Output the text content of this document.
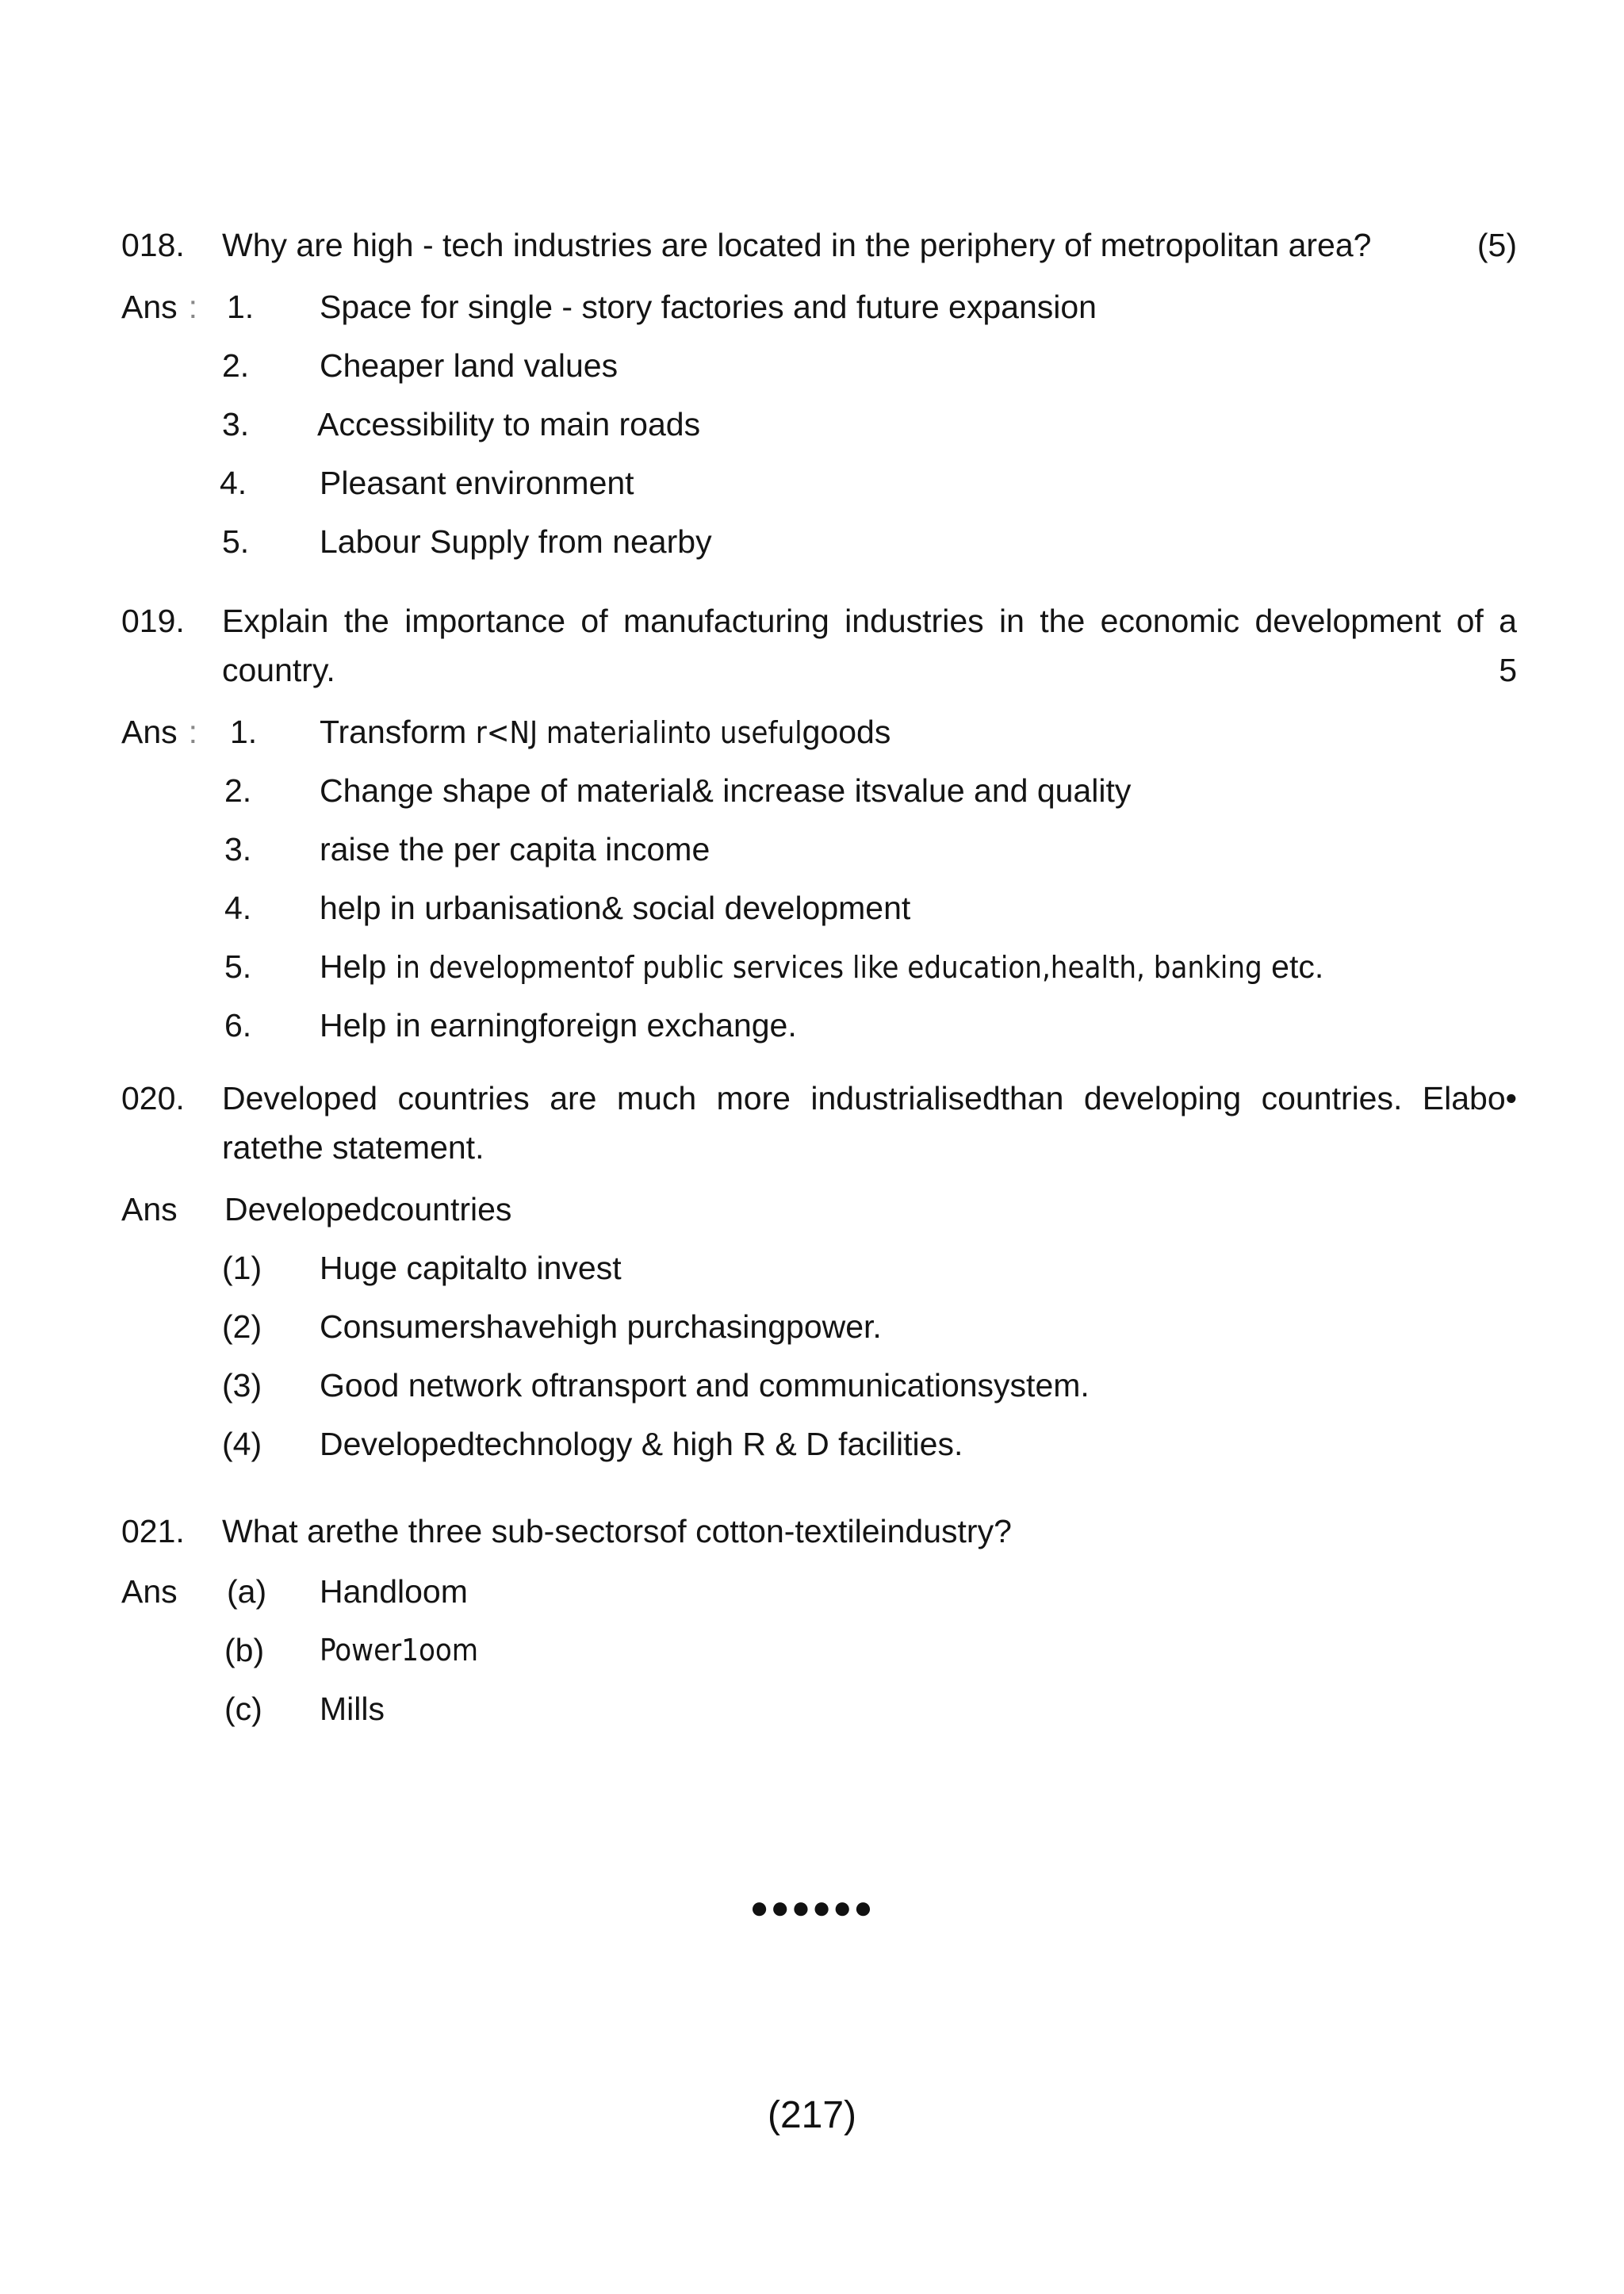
018. Why are high - tech industries are located in the periphery of metropolitan area?	(5)
Ans : 1. Space for single - story factories and future expansion
2. Cheaper land values
3. Accessibility to main roads
4. Pleasant environment
5. Labour Supply from nearby
019. Explain the importance of manufacturing industries in the economic development of a country.	5
Ans : 1. Transform r<NJ materialinto usefulgoods
2. Change shape of material& increase itsvalue and quality
3. raise the per capita income
4. help in urbanisation& social development
5. Help in developmentof public services like education,health, banking etc.
6. Help in earningforeign exchange.
020. Developed countries are much more industrialisedthan developing countries. Elabo• ratethe statement.
Ans Developedcountries
(1) Huge capitalto invest
(2) Consumershavehigh purchasingpower.
(3) Good network oftransport and communicationsystem.
(4) Developedtechnology & high R & D facilities.
021. What arethe three sub-sectorsof cotton-textileindustry?
Ans (a) Handloom
(b) Power1oom
(c) Mills
●●●●●●
(217)
